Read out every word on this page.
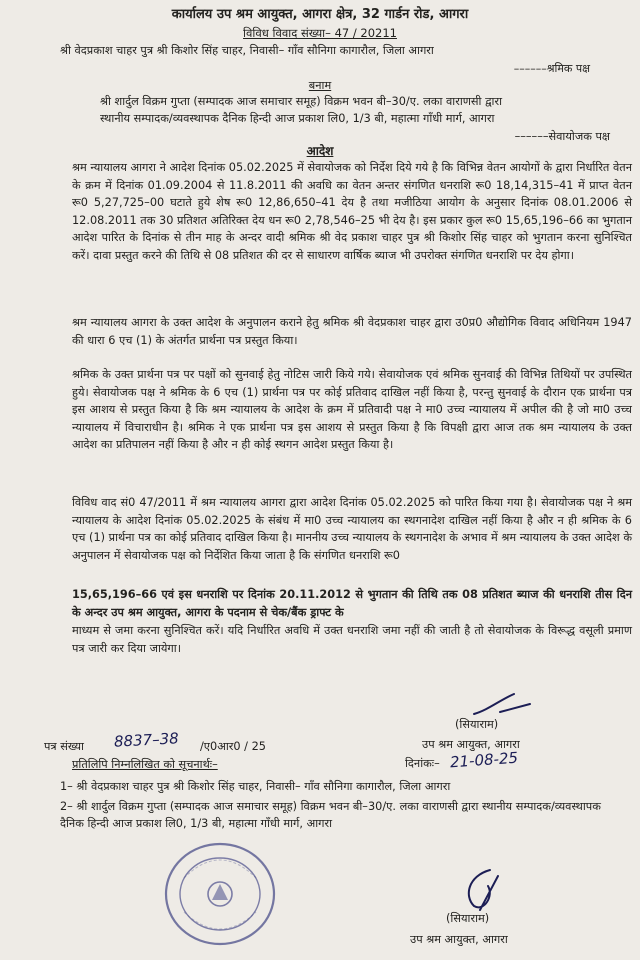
कार्यालय उप श्रम आयुक्त, आगरा क्षेत्र, 32 गार्डन रोड, आगरा
विविध विवाद संख्या– 47 / 20211
श्री वेदप्रकाश चाहर पुत्र श्री किशोर सिंह चाहर, निवासी– गाँव सौनिगा कागारौल, जिला आगरा
––––––श्रमिक पक्ष
बनाम
श्री शार्दुल विक्रम गुप्ता (सम्पादक आज समाचार समूह) विक्रम भवन बी–30/ए. लका वाराणसी द्वारा
स्थानीय सम्पादक/व्यवस्थापक दैनिक हिन्दी आज प्रकाश लि0, 1/3 बी, महात्मा गाँधी मार्ग, आगरा
––––––सेवायोजक पक्ष
आदेश
श्रम न्यायालय आगरा ने आदेश दिनांक 05.02.2025 में सेवायोजक को निर्देश दिये गये है कि विभिन्न वेतन आयोगों के द्वारा निर्धारित वेतन के क्रम में दिनांक 01.09.2004 से 11.8.2011 की अवधि का वेतन अन्तर संगणित धनराशि रू0 18,14,315–41 में प्राप्त वेतन रू0 5,27,725–00 घटाते हुये शेष रू0 12,86,650–41 देय है तथा मजीठिया आयोग के अनुसार दिनांक 08.01.2006 से 12.08.2011 तक 30 प्रतिशत अतिरिक्त देय धन रू0 2,78,546–25 भी देय है। इस प्रकार कुल रू0 15,65,196–66 का भुगतान आदेश पारित के दिनांक से तीन माह के अन्दर वादी श्रमिक श्री वेद प्रकाश चाहर पुत्र श्री किशोर सिंह चाहर को भुगतान करना सुनिश्चित करें। दावा प्रस्तुत करने की तिथि से 08 प्रतिशत की दर से साधारण वार्षिक ब्याज भी उपरोक्त संगणित धनराशि पर देय होगा।
श्रम न्यायालय आगरा के उक्त आदेश के अनुपालन कराने हेतु श्रमिक श्री वेदप्रकाश चाहर द्वारा उ0प्र0 औद्योगिक विवाद अधिनियम 1947 की धारा 6 एच (1) के अंतर्गत प्रार्थना पत्र प्रस्तुत किया।
श्रमिक के उक्त प्रार्थना पत्र पर पक्षों को सुनवाई हेतु नोटिस जारी किये गये। सेवायोजक एवं श्रमिक सुनवाई की विभिन्न तिथियों पर उपस्थित हुये। सेवायोजक पक्ष ने श्रमिक के 6 एच (1) प्रार्थना पत्र पर कोई प्रतिवाद दाखिल नहीं किया है, परन्तु सुनवाई के दौरान एक प्रार्थना पत्र इस आशय से प्रस्तुत किया है कि श्रम न्यायालय के आदेश के क्रम में प्रतिवादी पक्ष ने मा0 उच्च न्यायालय में अपील की है जो मा0 उच्च न्यायालय में विचाराधीन है। श्रमिक ने एक प्रार्थना पत्र इस आशय से प्रस्तुत किया है कि विपक्षी द्वारा आज तक श्रम न्यायालय के उक्त आदेश का प्रतिपालन नहीं किया है और न ही कोई स्थगन आदेश प्रस्तुत किया है।
विविध वाद सं0 47/2011 में श्रम न्यायालय आगरा द्वारा आदेश दिनांक 05.02.2025 को पारित किया गया है। सेवायोजक पक्ष ने श्रम न्यायालय के आदेश दिनांक 05.02.2025 के संबंध में मा0 उच्च न्यायालय का स्थगनादेश दाखिल नहीं किया है और न ही श्रमिक के 6 एच (1) प्रार्थना पत्र का कोई प्रतिवाद दाखिल किया है। माननीय उच्च न्यायालय के स्थगनादेश के अभाव में श्रम न्यायालय के उक्त आदेश के अनुपालन में सेवायोजक पक्ष को निर्देशित किया जाता है कि संगणित धनराशि रू0
15,65,196–66 एवं इस धनराशि पर दिनांक 20.11.2012 से भुगतान की तिथि तक 08 प्रतिशत ब्याज की धनराशि तीस दिन के अन्दर उप श्रम आयुक्त, आगरा के पदनाम से चेक/बैंक ड्राफ्ट के
माध्यम से जमा करना सुनिश्चित करें। यदि निर्धारित अवधि में उक्त धनराशि जमा नहीं की जाती है तो सेवायोजक के विरूद्ध वसूली प्रमाण पत्र जारी कर दिया जायेगा।
(सियाराम)
उप श्रम आयुक्त, आगरा
दिनांकः– 21-08-25
पत्र संख्या 8837–38 /ए0आर0 / 25
प्रतिलिपि निम्नलिखित को सूचनार्थः–
1– श्री वेदप्रकाश चाहर पुत्र श्री किशोर सिंह चाहर, निवासी– गाँव सौनिगा कागारौल, जिला आगरा
2– श्री शार्दुल विक्रम गुप्ता (सम्पादक आज समाचार समूह) विक्रम भवन बी–30/ए. लका वाराणसी द्वारा स्थानीय सम्पादक/व्यवस्थापक दैनिक हिन्दी आज प्रकाश लि0, 1/3 बी, महात्मा गाँधी मार्ग, आगरा
(सियाराम)
उप श्रम आयुक्त, आगरा
